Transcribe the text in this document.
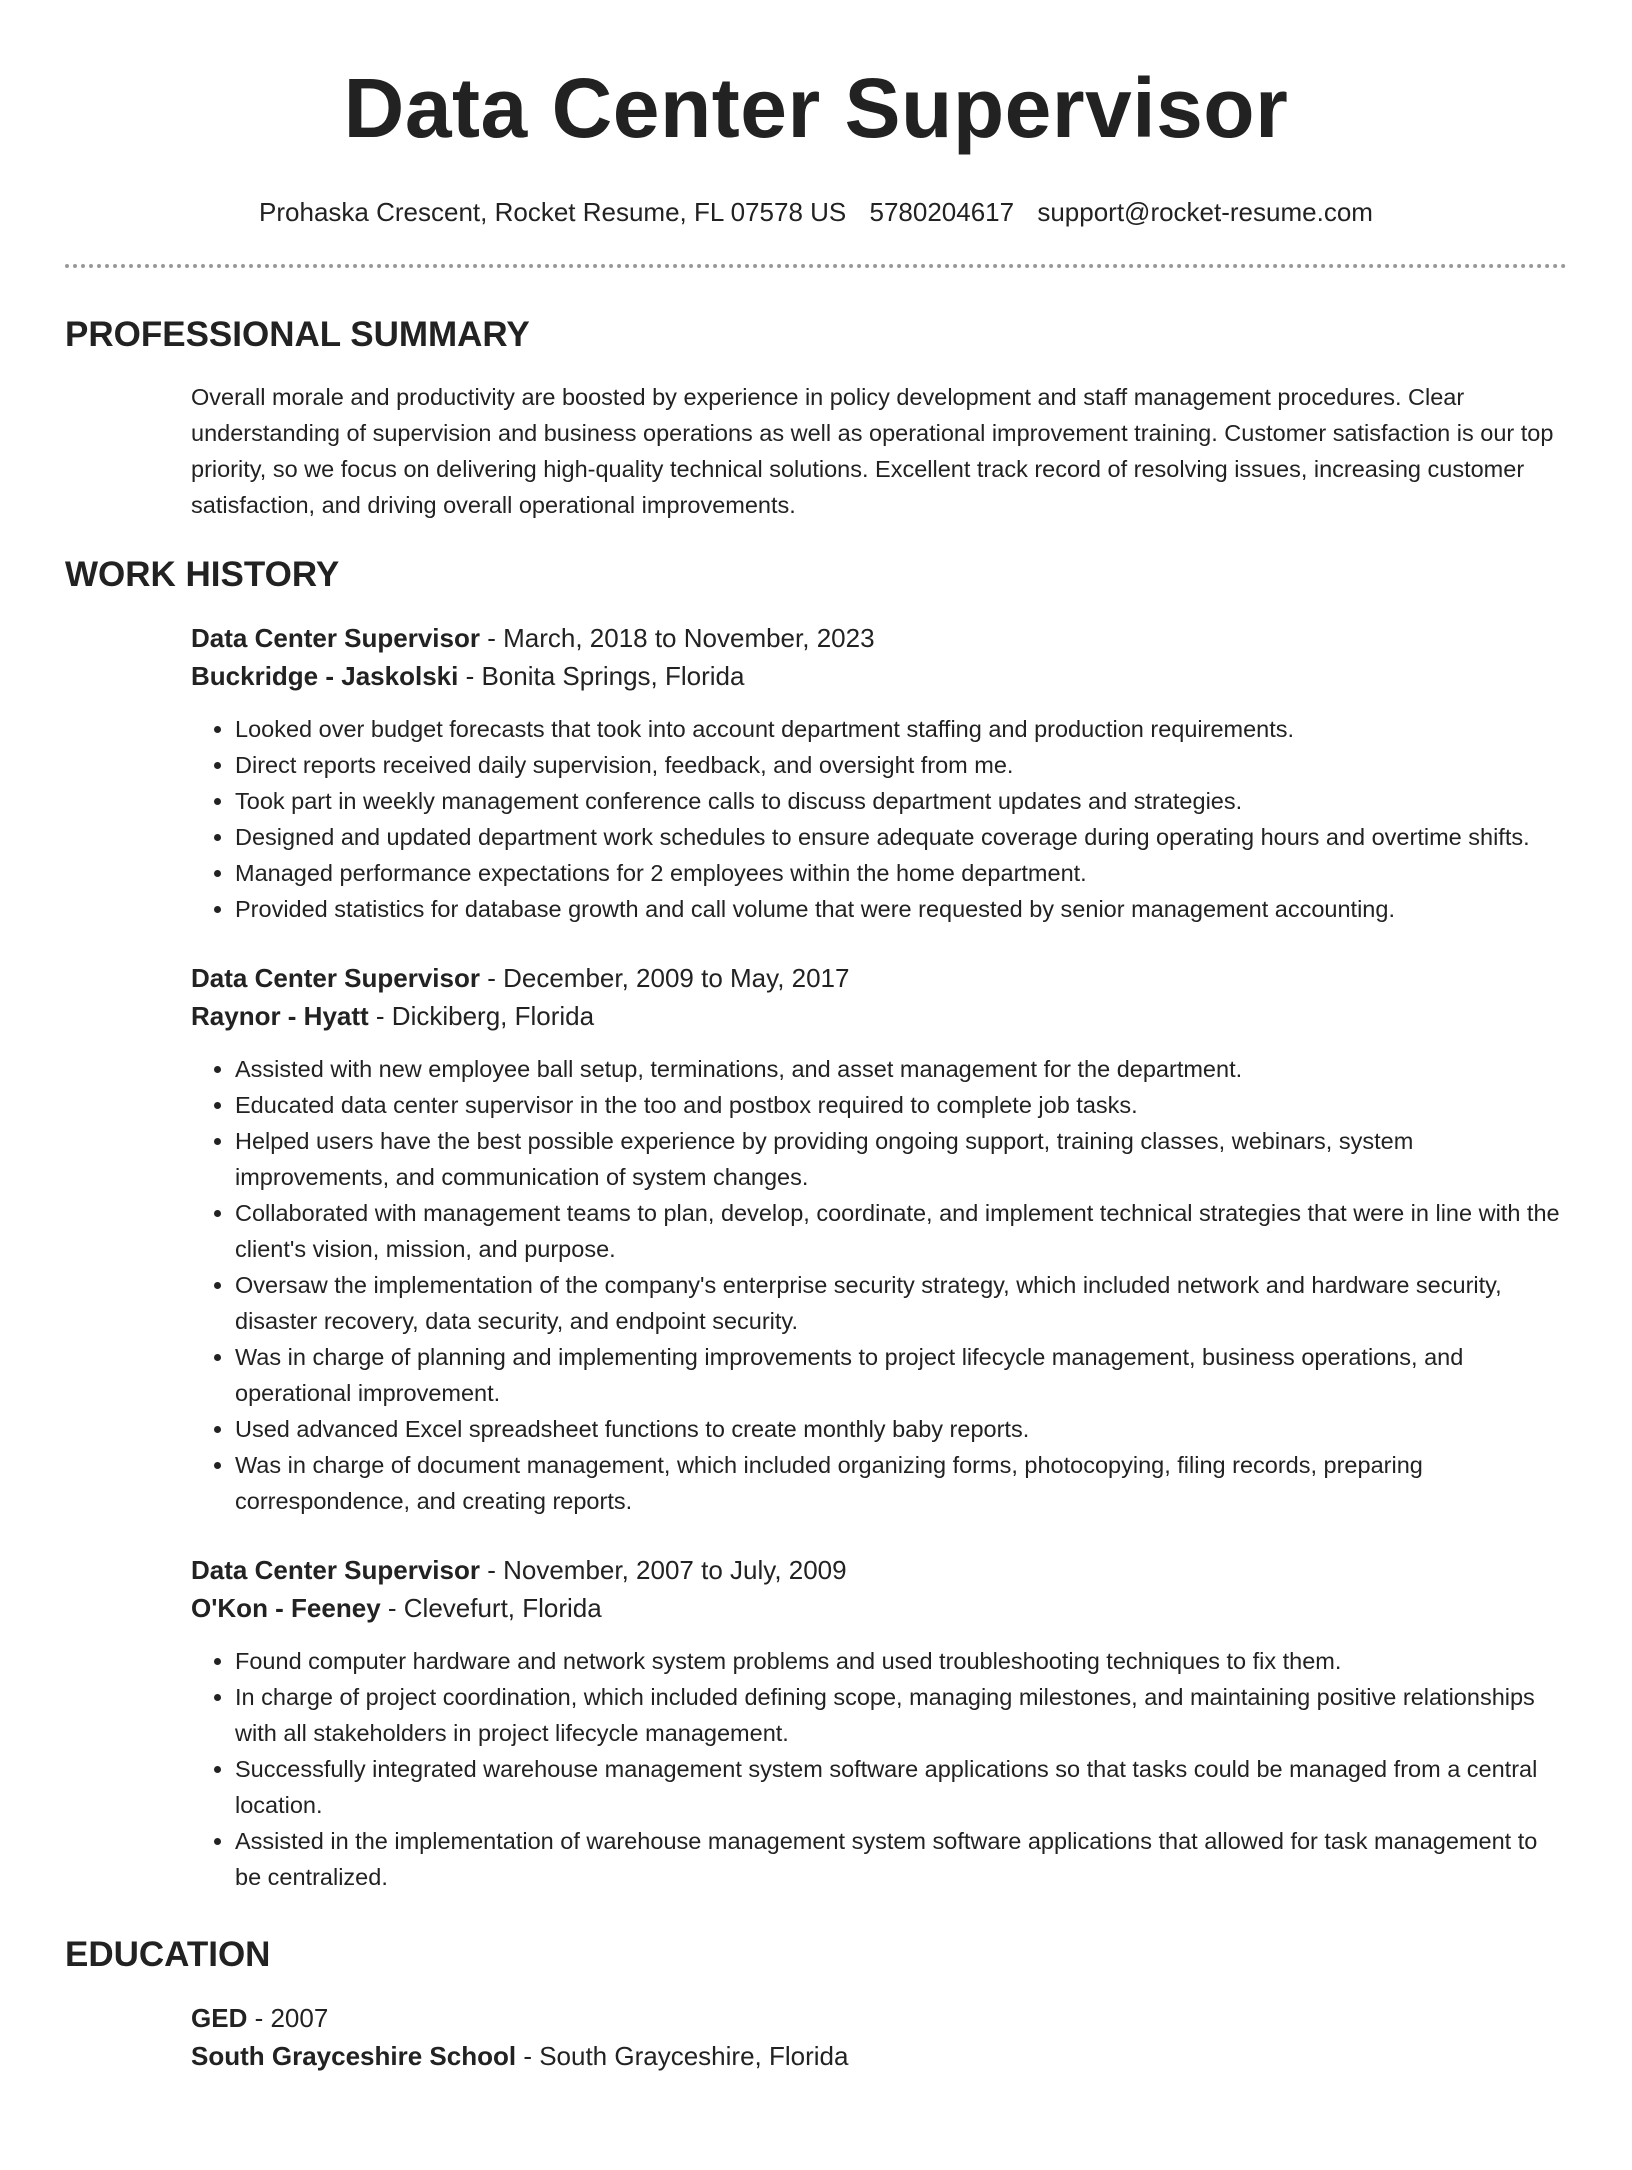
Data Center Supervisor
Prohaska Crescent, Rocket Resume, FL 07578 US 5780204617 support@rocket-resume.com
PROFESSIONAL SUMMARY

Overall morale and productivity are boosted by experience in policy development and staff management procedures. Clear understanding of supervision and business operations as well as operational improvement training. Customer satisfaction is our top priority, so we focus on delivering high-quality technical solutions. Excellent track record of resolving issues, increasing customer satisfaction, and driving overall operational improvements.

WORK HISTORY
Data Center Supervisor - March, 2018 to November, 2023
Buckridge - Jaskolski - Bonita Springs, Florida
• Looked over budget forecasts that took into account department staffing and production requirements.
• Direct reports received daily supervision, feedback, and oversight from me.
• Took part in weekly management conference calls to discuss department updates and strategies.
• Designed and updated department work schedules to ensure adequate coverage during operating hours and overtime shifts.
• Managed performance expectations for 2 employees within the home department.
• Provided statistics for database growth and call volume that were requested by senior management accounting.
Data Center Supervisor - December, 2009 to May, 2017
Raynor - Hyatt - Dickiberg, Florida
• Assisted with new employee ball setup, terminations, and asset management for the department.
• Educated data center supervisor in the too and postbox required to complete job tasks.
• Helped users have the best possible experience by providing ongoing support, training classes, webinars, system improvements, and communication of system changes.
• Collaborated with management teams to plan, develop, coordinate, and implement technical strategies that were in line with the client's vision, mission, and purpose.
• Oversaw the implementation of the company's enterprise security strategy, which included network and hardware security, disaster recovery, data security, and endpoint security.
• Was in charge of planning and implementing improvements to project lifecycle management, business operations, and operational improvement.
• Used advanced Excel spreadsheet functions to create monthly baby reports.
• Was in charge of document management, which included organizing forms, photocopying, filing records, preparing correspondence, and creating reports.
Data Center Supervisor - November, 2007 to July, 2009
O'Kon - Feeney - Clevefurt, Florida
• Found computer hardware and network system problems and used troubleshooting techniques to fix them.
• In charge of project coordination, which included defining scope, managing milestones, and maintaining positive relationships with all stakeholders in project lifecycle management.
• Successfully integrated warehouse management system software applications so that tasks could be managed from a central location.
• Assisted in the implementation of warehouse management system software applications that allowed for task management to be centralized.
EDUCATION
GED - 2007
South Grayceshire School - South Grayceshire, Florida
